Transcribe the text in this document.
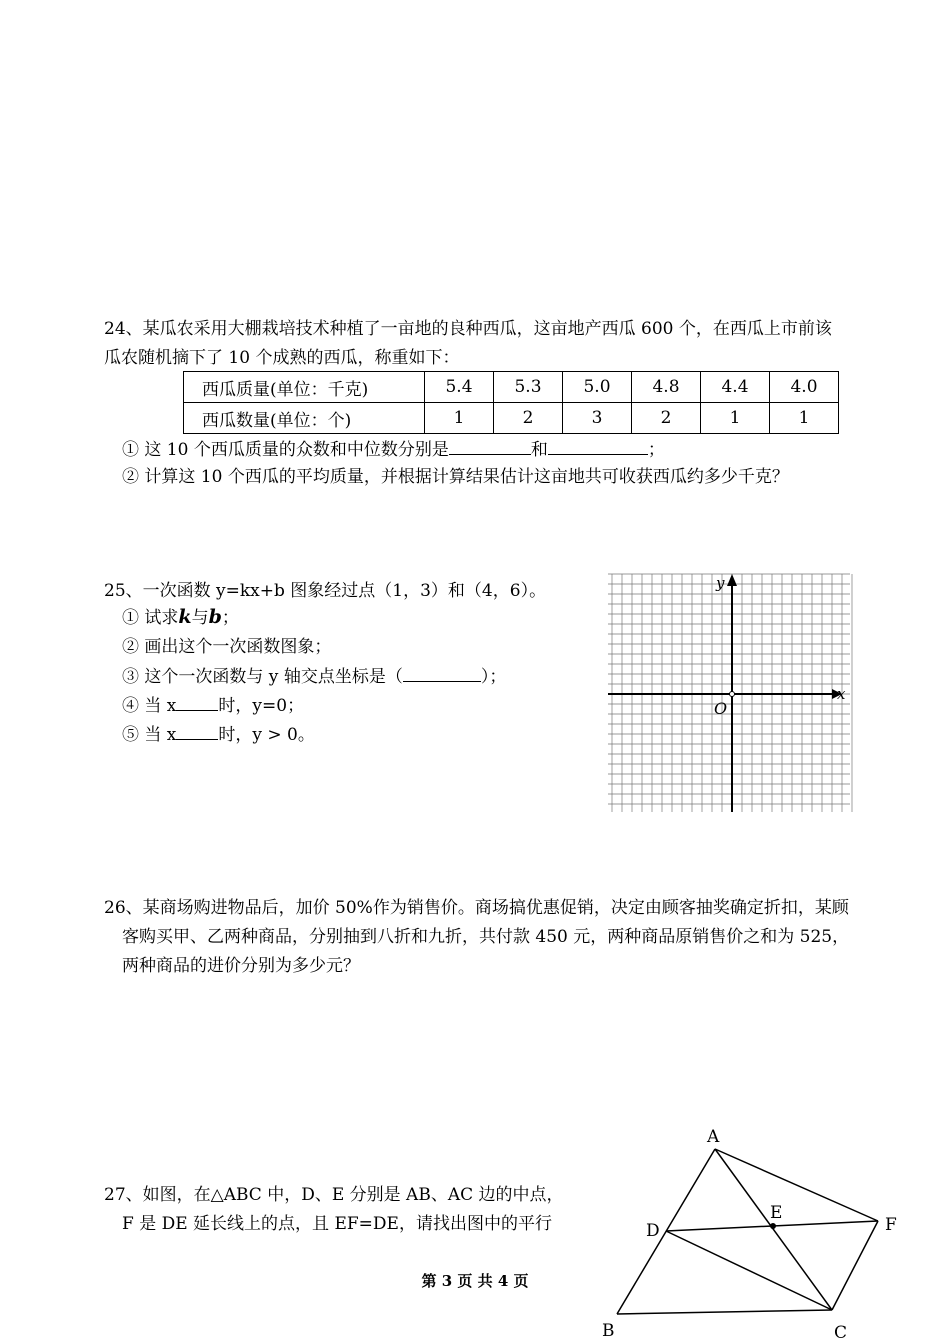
24、某瓜农采用大棚栽培技术种植了一亩地的良种西瓜，这亩地产西瓜 600 个，在西瓜上市前该
瓜农随机摘下了 10 个成熟的西瓜，称重如下：
西瓜质量(单位：千克)	5.4	5.3	5.0	4.8	4.4	4.0
西瓜数量(单位：个)	1	2	3	2	1	1
① 这 10 个西瓜质量的众数和中位数分别是	和	；
② 计算这 10 个西瓜的平均质量，并根据计算结果估计这亩地共可收获西瓜约多少千克？
25、一次函数 y=kx+b 图象经过点（1，3）和（4，6）。
① 试求k与b；
② 画出这个一次函数图象；
③ 这个一次函数与 y 轴交点坐标是（	）；
④ 当 x 时，y=0；
⑤ 当 x 时，y > 0。
x
y
O
26、某商场购进物品后，加价 50%作为销售价。商场搞优惠促销，决定由顾客抽奖确定折扣，某顾
客购买甲、乙两种商品，分别抽到八折和九折，共付款 450 元，两种商品原销售价之和为 525，
两种商品的进价分别为多少元？
27、如图，在△ABC 中，D、E 分别是 AB、AC 边的中点，
F 是 DE 延长线上的点，且 EF=DE，请找出图中的平行
A
B	C
D
E
F
第 3 页 共 4 页
